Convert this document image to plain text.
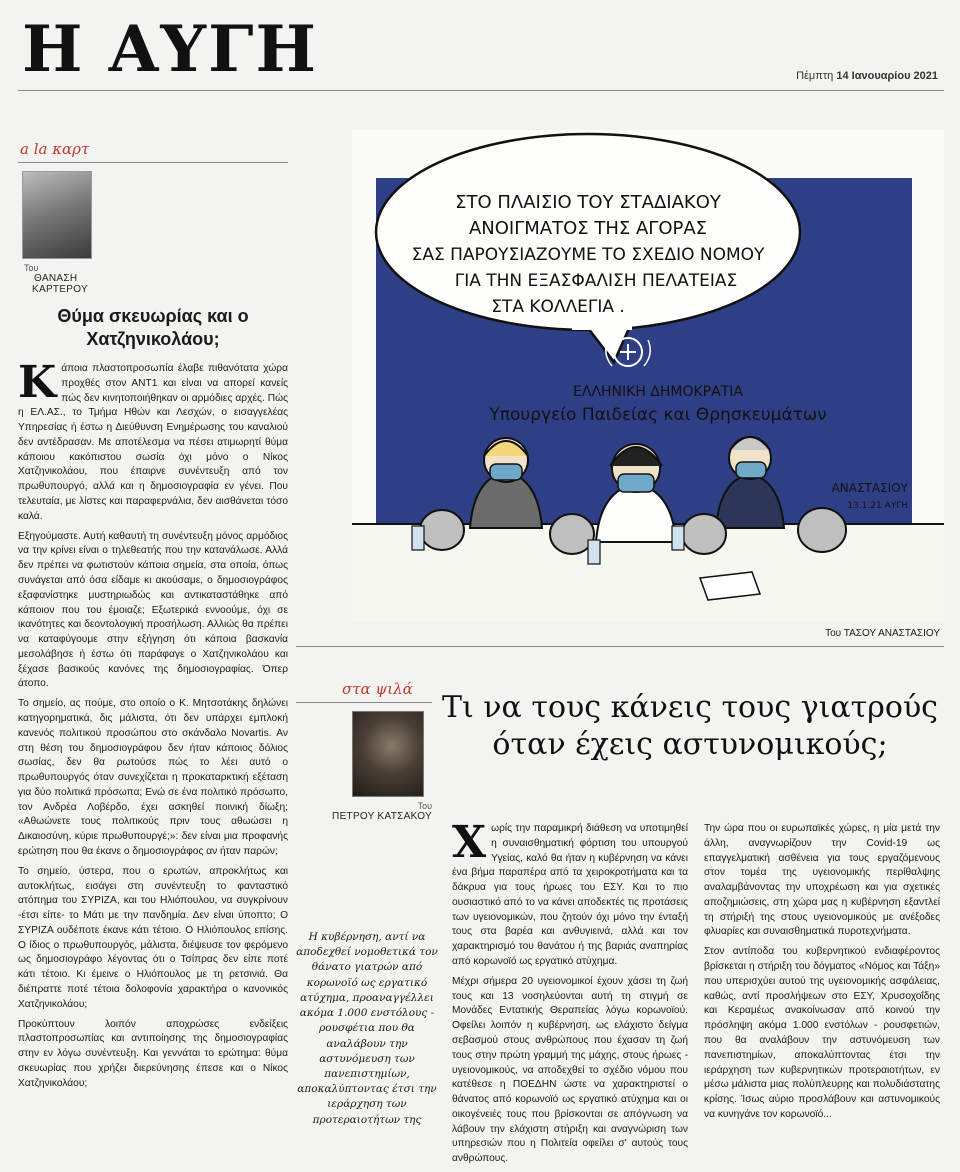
Η ΑΥΓΗ	Πέμπτη 14 Ιανουαρίου 2021
a la καρτ
Του
ΘΑΝΑΣΗ
ΚΑΡΤΕΡΟΥ
Θύμα σκευωρίας και ο Χατζηνικολάου;

Κάποια πλαστοπροσωπία έλαβε πιθανότατα χώρα προχθές στον ΑΝΤ1 και είναι να απορεί κανείς πώς δεν κινητοποιήθηκαν οι αρμόδιες αρχές. Πώς η ΕΛ.ΑΣ., το Τμήμα Ηθών και Λεσχών, ο εισαγγελέας Υπηρεσίας ή έστω η Διεύθυνση Ενημέρωσης του καναλιού δεν αντέδρασαν. Με αποτέλεσμα να πέσει ατιμωρητί θύμα κάποιου κακόπιστου σωσία όχι μόνο ο Νίκος Χατζηνικολάου, που έπαιρνε συνέντευξη από τον πρωθυπουργό, αλλά και η δημοσιογραφία εν γένει. Που τελευταία, με λίστες και παραφερνάλια, δεν αισθάνεται τόσο καλά.

Εξηγούμαστε. Αυτή καθαυτή τη συνέντευξη μόνος αρμόδιος να την κρίνει είναι ο τηλεθεατής που την κατανάλωσε. Αλλά δεν πρέπει να φωτιστούν κάποια σημεία, στα οποία, όπως συνάγεται από όσα είδαμε κι ακούσαμε, ο δημοσιογράφος εξαφανίστηκε μυστηριωδώς και αντικαταστάθηκε από κάποιον που του έμοιαζε; Εξωτερικά εννοούμε, όχι σε ικανότητες και δεοντολογική προσήλωση. Αλλιώς θα πρέπει να καταφύγουμε στην εξήγηση ότι κάποια βασκανία μεσολάβησε ή έστω ότι παράφαγε ο Χατζηνικολάου και ξέχασε βασικούς κανόνες της δημοσιογραφίας. Όπερ άτοπο.

Το σημείο, ας πούμε, στο οποίο ο Κ. Μητσοτάκης δηλώνει κατηγορηματικά, δις μάλιστα, ότι δεν υπάρχει εμπλοκή κανενός πολιτικού προσώπου στο σκάνδαλο Novartis. Αν στη θέση του δημοσιογράφου δεν ήταν κάποιος δόλιος σωσίας, δεν θα ρωτούσε πώς το λέει αυτό ο πρωθυπουργός όταν συνεχίζεται η προκαταρκτική εξέταση για δύο πολιτικά πρόσωπα; Ενώ σε ένα πολιτικό πρόσωπο, τον Ανδρέα Λοβέρδο, έχει ασκηθεί ποινική δίωξη; «Αθωώνετε τους πολιτικούς πριν τους αθωώσει η Δικαιοσύνη, κύριε πρωθυπουργέ;»: δεν είναι μια προφανής ερώτηση που θα έκανε ο δημοσιογράφος αν ήταν παρών;

Το σημείο, ύστερα, που ο ερωτών, απροκλήτως και αυτοκλήτως, εισάγει στη συνέντευξη το φανταστικό ατόπημα του ΣΥΡΙΖΑ, και του Ηλιόπουλου, να συγκρίνουν -έτσι είπε- το Μάτι με την πανδημία. Δεν είναι ύποπτο; Ο ΣΥΡΙΖΑ ουδέποτε έκανε κάτι τέτοιο. Ο Ηλιόπουλος επίσης. Ο ίδιος ο πρωθυπουργός, μάλιστα, διέψευσε τον φερόμενο ως δημοσιογράφο λέγοντας ότι ο Τσίπρας δεν είπε ποτέ κάτι τέτοιο. Κι έμεινε ο Ηλιόπουλος με τη ρετσινιά. Θα διέπραττε ποτέ τέτοια δολοφονία χαρακτήρα ο κανονικός Χατζηνικολάου;

Προκύπτουν λοιπόν αποχρώσες ενδείξεις πλαστοπροσωπίας και αντιποίησης της δημοσιογραφίας στην εν λόγω συνέντευξη. Και γεννάται το ερώτημα: θύμα σκευωρίας που χρήζει διερεύνησης έπεσε και ο Νίκος Χατζηνικολάου;

ΣΤΟ ΠΛΑΙΣΙΟ ΤΟΥ ΣΤΑΔΙΑΚΟΥ
ΑΝΟΙΓΜΑΤΟΣ ΤΗΣ ΑΓΟΡΑΣ
ΣΑΣ ΠΑΡΟΥΣΙΑΖΟΥΜΕ ΤΟ ΣΧΕΔΙΟ ΝΟΜΟΥ
ΓΙΑ ΤΗΝ ΕΞΑΣΦΑΛΙΣΗ ΠΕΛΑΤΕΙΑΣ
ΣΤΑ ΚΟΛΛΕΓΙΑ .
ΕΛΛΗΝΙΚΗ ΔΗΜΟΚΡΑΤΙΑ
Υπουργείο Παιδείας και Θρησκευμάτων
ΑΝΑΣΤΑΣΙΟΥ
13.1.21 ΑΥΓΗ
Του ΤΑΣΟΥ ΑΝΑΣΤΑΣΙΟΥ
στα ψιλά
Του
ΠΕΤΡΟΥ ΚΑΤΣΑΚΟΥ
Τι να τους κάνεις τους γιατρούς
όταν έχεις αστυνομικούς;
Η κυβέρνηση, αντί να αποδεχθεί νομοθετικά τον θάνατο γιατρών από κορωνοϊό ως εργατικό ατύχημα, προαναγγέλλει ακόμα 1.000 ενστόλους - ρουσφέτια που θα αναλάβουν την αστυνόμευση των πανεπιστημίων, αποκαλύπτοντας έτσι την ιεράρχηση των προτεραιοτήτων της

Χωρίς την παραμικρή διάθεση να υποτιμηθεί η συναισθηματική φόρτιση του υπουργού Υγείας, καλό θα ήταν η κυβέρνηση να κάνει ένα βήμα παραπέρα από τα χειροκροτήματα και τα δάκρυα για τους ήρωες του ΕΣΥ. Και το πιο ουσιαστικό από το να κάνει αποδεκτές τις προτάσεις των υγειονομικών, που ζητούν όχι μόνο την ένταξή τους στα βαρέα και ανθυγιεινά, αλλά και τον χαρακτηρισμό του θανάτου ή της βαριάς αναπηρίας από κορωνοϊό ως εργατικό ατύχημα.

Μέχρι σήμερα 20 υγειονομικοί έχουν χάσει τη ζωή τους και 13 νοσηλεύονται αυτή τη στιγμή σε Μονάδες Εντατικής Θεραπείας λόγω κορωνοϊού. Οφείλει λοιπόν η κυβέρνηση, ως ελάχιστο δείγμα σεβασμού στους ανθρώπους που έχασαν τη ζωή τους στην πρώτη γραμμή της μάχης, στους ήρωες - υγειονομικούς, να αποδεχθεί το σχέδιο νόμου που κατέθεσε η ΠΟΕΔΗΝ ώστε να χαρακτηριστεί ο θάνατος από κορωνοϊό ως εργατικό ατύχημα και οι οικογένειές τους που βρίσκονται σε απόγνωση να λάβουν την ελάχιστη στήριξη και αναγνώριση των υπηρεσιών που η Πολιτεία οφείλει σ' αυτούς τους ανθρώπους.

Την ώρα που οι ευρωπαϊκές χώρες, η μία μετά την άλλη, αναγνωρίζουν την Covid-19 ως επαγγελματική ασθένεια για τους εργαζόμενους στον τομέα της υγειονομικής περίθαλψης αναλαμβάνοντας την υποχρέωση και για σχετικές αποζημιώσεις, στη χώρα μας η κυβέρνηση εξαντλεί τη στήριξή της στους υγειονομικούς με ανέξοδες φλυαρίες και συναισθηματικά πυροτεχνήματα.

Στον αντίποδα του κυβερνητικού ενδιαφέροντος βρίσκεται η στήριξη του δόγματος «Νόμος και Τάξη» που υπερισχύει αυτού της υγειονομικής ασφάλειας, καθώς, αντί προσλήψεων στο ΕΣΥ, Χρυσοχοΐδης και Κεραμέως ανακοίνωσαν από κοινού την πρόσληψη ακόμα 1.000 ενστόλων - ρουσφετιών, που θα αναλάβουν την αστυνόμευση των πανεπιστημίων, αποκαλύπτοντας έτσι την ιεράρχηση των κυβερνητικών προτεραιοτήτων, εν μέσω μάλιστα μιας πολύπλευρης και πολυδιάστατης κρίσης. Ίσως αύριο προσλάβουν και αστυνομικούς να κυνηγάνε τον κορωνοϊό...
